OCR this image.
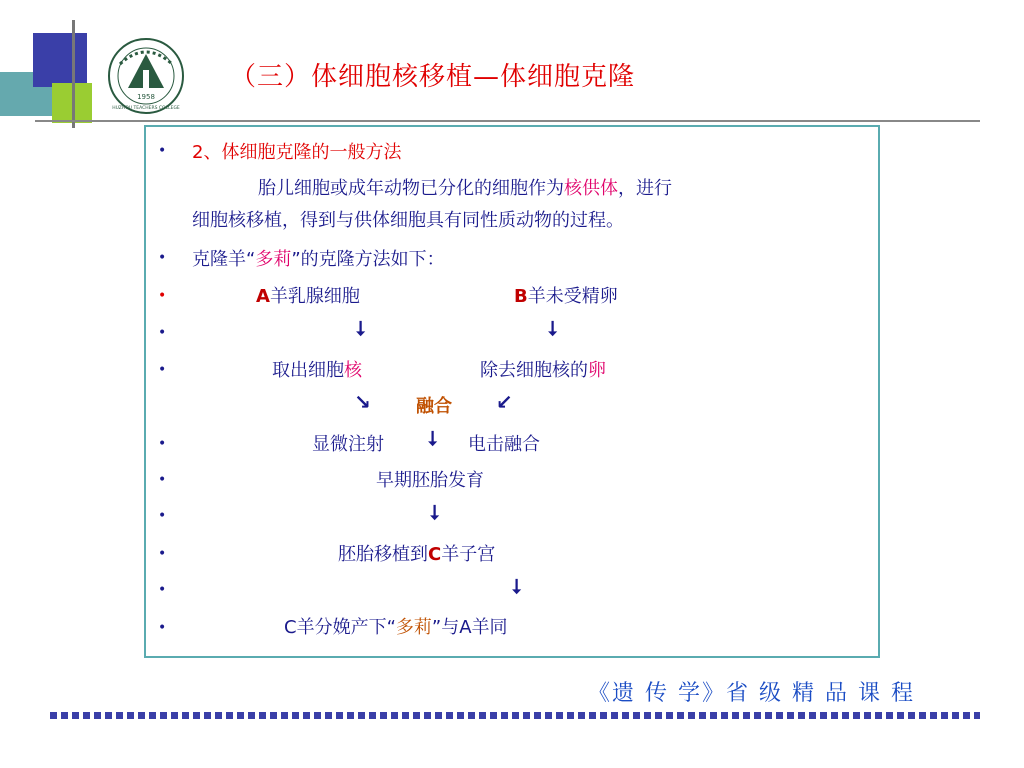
1958
HUZHOU TEACHERS COLLEGE
（三）体细胞核移植—体细胞克隆
• 2、体细胞克隆的一般方法
胎儿细胞或成年动物已分化的细胞作为核供体，进行
细胞核移植，得到与供体细胞具有同性质动物的过程。
• 克隆羊“多莉”的克隆方法如下：
•	A羊乳腺细胞	B羊未受精卵
•	⭣	⭣
•	取出细胞核	除去细胞核的卵
↘	融合 ↙
•	显微注射 ⭣ 电击融合
•	早期胚胎发育
•	⭣
•	胚胎移植到C羊子宫
•	⭣
•	C羊分娩产下“多莉”与A羊同
《遗 传 学》省 级 精 品 课 程
